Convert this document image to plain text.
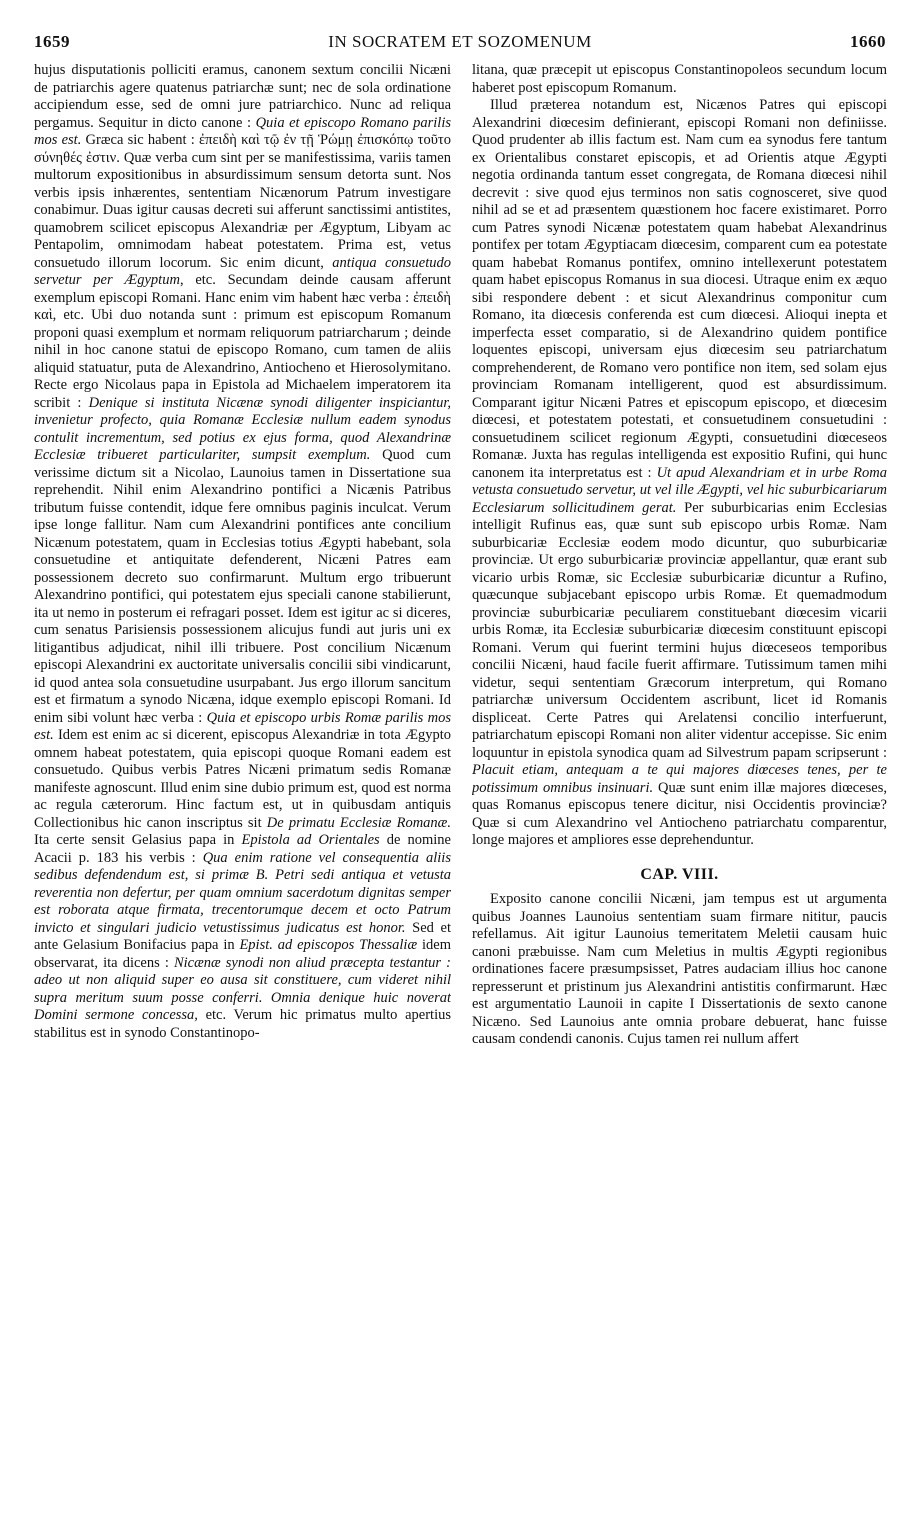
1659	IN SOCRATEM ET SOZOMENUM	1660

hujus disputationis polliciti eramus, canonem sextum concilii Nicæni de patriarchis agere quatenus patriarchæ sunt; nec de sola ordinatione accipiendum esse, sed de omni jure patriarchico. Nunc ad reliqua pergamus. Sequitur in dicto canone : Quia et episcopo Romano parilis mos est. Græca sic habent : ἐπειδὴ καὶ τῷ ἐν τῇ Ῥώμῃ ἐπισκόπῳ τοῦτο σύνηθές ἐστιν. Quæ verba cum sint per se manifestissima, variis tamen multorum expositionibus in absurdissimum sensum detorta sunt. Nos verbis ipsis inhærentes, sententiam Nicænorum Patrum investigare conabimur. Duas igitur causas decreti sui afferunt sanctissimi antistites, quamobrem scilicet episcopus Alexandriæ per Ægyptum, Libyam ac Pentapolim, omnimodam habeat potestatem. Prima est, vetus consuetudo illorum locorum. Sic enim dicunt, antiqua consuetudo servetur per Ægyptum, etc. Secundam deinde causam afferunt exemplum episcopi Romani. Hanc enim vim habent hæc verba : ἐπειδὴ καὶ, etc. Ubi duo notanda sunt : primum est episcopum Romanum proponi quasi exemplum et normam reliquorum patriarcharum ; deinde nihil in hoc canone statui de episcopo Romano, cum tamen de aliis aliquid statuatur, puta de Alexandrino, Antiocheno et Hierosolymitano. Recte ergo Nicolaus papa in Epistola ad Michaelem imperatorem ita scribit : Denique si instituta Nicænæ synodi diligenter inspiciantur, invenietur profecto, quia Romanæ Ecclesiæ nullum eadem synodus contulit incrementum, sed potius ex ejus forma, quod Alexandrinæ Ecclesiæ tribueret particulariter, sumpsit exemplum. Quod cum verissime dictum sit a Nicolao, Launoius tamen in Dissertatione sua reprehendit. Nihil enim Alexandrino pontifici a Nicænis Patribus tributum fuisse contendit, idque fere omnibus paginis inculcat. Verum ipse longe fallitur. Nam cum Alexandrini pontifices ante concilium Nicænum potestatem, quam in Ecclesias totius Ægypti habebant, sola consuetudine et antiquitate defenderent, Nicæni Patres eam possessionem decreto suo confirmarunt. Multum ergo tribuerunt Alexandrino pontifici, qui potestatem ejus speciali canone stabilierunt, ita ut nemo in posterum ei refragari posset. Idem est igitur ac si diceres, cum senatus Parisiensis possessionem alicujus fundi aut juris uni ex litigantibus adjudicat, nihil illi tribuere. Post concilium Nicænum episcopi Alexandrini ex auctoritate universalis concilii sibi vindicarunt, id quod antea sola consuetudine usurpabant. Jus ergo illorum sancitum est et firmatum a synodo Nicæna, idque exemplo episcopi Romani. Id enim sibi volunt hæc verba : Quia et episcopo urbis Romæ parilis mos est. Idem est enim ac si dicerent, episcopus Alexandriæ in tota Ægypto omnem habeat potestatem, quia episcopi quoque Romani eadem est consuetudo. Quibus verbis Patres Nicæni primatum sedis Romanæ manifeste agnoscunt. Illud enim sine dubio primum est, quod est norma ac regula cæterorum. Hinc factum est, ut in quibusdam antiquis Collectionibus hic canon inscriptus sit De primatu Ecclesiæ Romanæ. Ita certe sensit Gelasius papa in Epistola ad Orientales de nomine Acacii p. 183 his verbis : Qua enim ratione vel consequentia aliis sedibus defendendum est, si primæ B. Petri sedi antiqua et vetusta reverentia non defertur, per quam omnium sacerdotum dignitas semper est roborata atque firmata, trecentorumque decem et octo Patrum invicto et singulari judicio vetustissimus judicatus est honor. Sed et ante Gelasium Bonifacius papa in Epist. ad episcopos Thessaliæ idem observarat, ita dicens : Nicænæ synodi non aliud præcepta testantur : adeo ut non aliquid super eo ausa sit constituere, cum videret nihil supra meritum suum posse conferri. Omnia denique huic noverat Domini sermone concessa, etc. Verum hic primatus multo apertius stabilitus est in synodo Constantinopo-

litana, quæ præcepit ut episcopus Constantinopoleos secundum locum haberet post episcopum Romanum.

Illud præterea notandum est, Nicænos Patres qui episcopi Alexandrini diœcesim definierant, episcopi Romani non definiisse. Quod prudenter ab illis factum est. Nam cum ea synodus fere tantum ex Orientalibus constaret episcopis, et ad Orientis atque Ægypti negotia ordinanda tantum esset congregata, de Romana diœcesi nihil decrevit : sive quod ejus terminos non satis cognosceret, sive quod nihil ad se et ad præsentem quæstionem hoc facere existimaret. Porro cum Patres synodi Nicænæ potestatem quam habebat Alexandrinus pontifex per totam Ægyptiacam diœcesim, comparent cum ea potestate quam habebat Romanus pontifex, omnino intellexerunt potestatem quam habet episcopus Romanus in sua diocesi. Utraque enim ex æquo sibi respondere debent : et sicut Alexandrinus componitur cum Romano, ita diœcesis conferenda est cum diœcesi. Alioqui inepta et imperfecta esset comparatio, si de Alexandrino quidem pontifice loquentes episcopi, universam ejus diœcesim seu patriarchatum comprehenderent, de Romano vero pontifice non item, sed solam ejus provinciam Romanam intelligerent, quod est absurdissimum. Comparant igitur Nicæni Patres et episcopum episcopo, et diœcesim diœcesi, et potestatem potestati, et consuetudinem consuetudini : consuetudinem scilicet regionum Ægypti, consuetudini diœceseos Romanæ. Juxta has regulas intelligenda est expositio Rufini, qui hunc canonem ita interpretatus est : Ut apud Alexandriam et in urbe Roma vetusta consuetudo servetur, ut vel ille Ægypti, vel hic suburbicariarum Ecclesiarum sollicitudinem gerat. Per suburbicarias enim Ecclesias intelligit Rufinus eas, quæ sunt sub episcopo urbis Romæ. Nam suburbicariæ Ecclesiæ eodem modo dicuntur, quo suburbicariæ provinciæ. Ut ergo suburbicariæ provinciæ appellantur, quæ erant sub vicario urbis Romæ, sic Ecclesiæ suburbicariæ dicuntur a Rufino, quæcunque subjacebant episcopo urbis Romæ. Et quemadmodum provinciæ suburbicariæ peculiarem constituebant diœcesim vicarii urbis Romæ, ita Ecclesiæ suburbicariæ diœcesim constituunt episcopi Romani. Verum qui fuerint termini hujus diœceseos temporibus concilii Nicæni, haud facile fuerit affirmare. Tutissimum tamen mihi videtur, sequi sententiam Græcorum interpretum, qui Romano patriarchæ universum Occidentem ascribunt, licet id Romanis displiceat. Certe Patres qui Arelatensi concilio interfuerunt, patriarchatum episcopi Romani non aliter videntur accepisse. Sic enim loquuntur in epistola synodica quam ad Silvestrum papam scripserunt : Placuit etiam, antequam a te qui majores diœceses tenes, per te potissimum omnibus insinuari. Quæ sunt enim illæ majores diœceses, quas Romanus episcopus tenere dicitur, nisi Occidentis provinciæ? Quæ si cum Alexandrino vel Antiocheno patriarchatu comparentur, longe majores et ampliores esse deprehenduntur.

CAP. VIII.

Exposito canone concilii Nicæni, jam tempus est ut argumenta quibus Joannes Launoius sententiam suam firmare nititur, paucis refellamus. Ait igitur Launoius temeritatem Meletii causam huic canoni præbuisse. Nam cum Meletius in multis Ægypti regionibus ordinationes facere præsumpsisset, Patres audaciam illius hoc canone represserunt et pristinum jus Alexandrini antistitis confirmarunt. Hæc est argumentatio Launoii in capite I Dissertationis de sexto canone Nicæno. Sed Launoius ante omnia probare debuerat, hanc fuisse causam condendi canonis. Cujus tamen rei nullum affert
